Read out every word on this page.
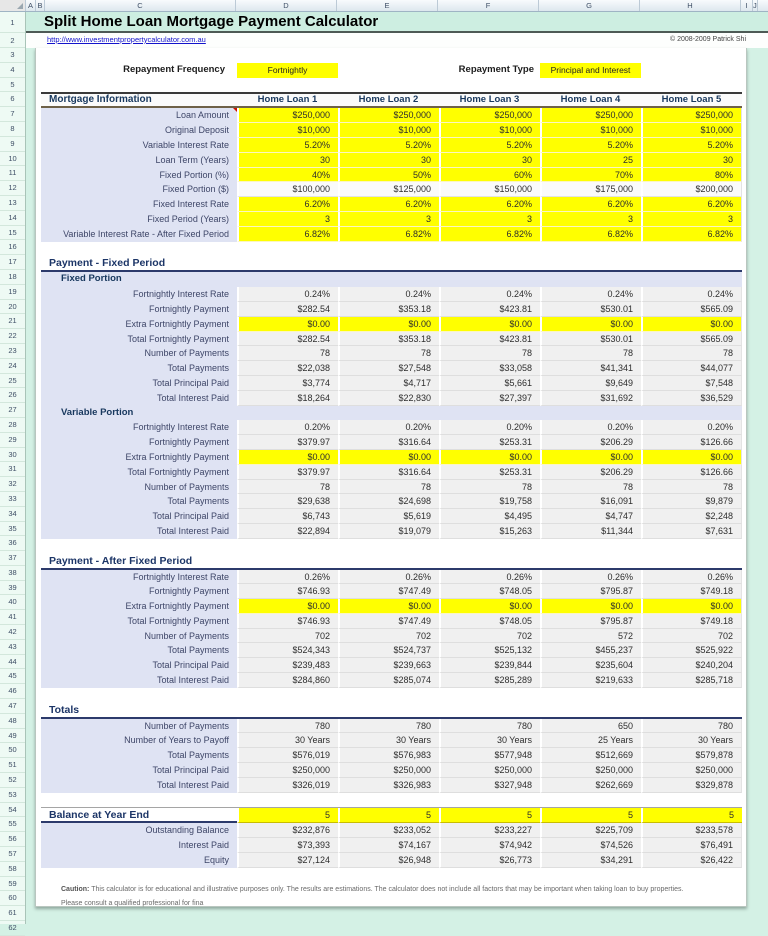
A B	C	D	E	F	G	H	I J
1
2
3
4
5
6
7
8
9
10
11
12
13
14
15
16
17
18
19
20
21
22
23
24
25
26
27
28
29
30
31
32
33
34
35
36
37
38
39
40
41
42
43
44
45
46
47
48
49
50
51
52
53
54
55
56
57
58
59
60
61
62
Split Home Loan Mortgage Payment Calculator
http://www.investmentpropertycalculator.com.au	© 2008-2009 Patrick Shi
Repayment Frequency	Fortnightly	Repayment Type	Principal and Interest
Mortgage Information	Home Loan 1	Home Loan 2	Home Loan 3	Home Loan 4	Home Loan 5
Loan Amount	$250,000	$250,000	$250,000	$250,000	$250,000
Original Deposit	$10,000	$10,000	$10,000	$10,000	$10,000
Variable Interest Rate	5.20%	5.20%	5.20%	5.20%	5.20%
Loan Term (Years)	30	30	30	25	30
Fixed Portion (%)	40%	50%	60%	70%	80%
Fixed Portion ($)	$100,000	$125,000	$150,000	$175,000	$200,000
Fixed Interest Rate	6.20%	6.20%	6.20%	6.20%	6.20%
Fixed Period (Years)	3	3	3	3	3
Variable Interest Rate - After Fixed Period	6.82%	6.82%	6.82%	6.82%	6.82%
Payment - Fixed Period
Fixed Portion
Fortnightly Interest Rate	0.24%	0.24%	0.24%	0.24%	0.24%
Fortnightly Payment	$282.54	$353.18	$423.81	$530.01	$565.09
Extra Fortnightly Payment	$0.00	$0.00	$0.00	$0.00	$0.00
Total Fortnightly Payment	$282.54	$353.18	$423.81	$530.01	$565.09
Number of Payments	78	78	78	78	78
Total Payments	$22,038	$27,548	$33,058	$41,341	$44,077
Total Principal Paid	$3,774	$4,717	$5,661	$9,649	$7,548
Total Interest Paid	$18,264	$22,830	$27,397	$31,692	$36,529
Variable Portion
Fortnightly Interest Rate	0.20%	0.20%	0.20%	0.20%	0.20%
Fortnightly Payment	$379.97	$316.64	$253.31	$206.29	$126.66
Extra Fortnightly Payment	$0.00	$0.00	$0.00	$0.00	$0.00
Total Fortnightly Payment	$379.97	$316.64	$253.31	$206.29	$126.66
Number of Payments	78	78	78	78	78
Total Payments	$29,638	$24,698	$19,758	$16,091	$9,879
Total Principal Paid	$6,743	$5,619	$4,495	$4,747	$2,248
Total Interest Paid	$22,894	$19,079	$15,263	$11,344	$7,631
Payment - After Fixed Period
Fortnightly Interest Rate	0.26%	0.26%	0.26%	0.26%	0.26%
Fortnightly Payment	$746.93	$747.49	$748.05	$795.87	$749.18
Extra Fortnightly Payment	$0.00	$0.00	$0.00	$0.00	$0.00
Total Fortnightly Payment	$746.93	$747.49	$748.05	$795.87	$749.18
Number of Payments	702	702	702	572	702
Total Payments	$524,343	$524,737	$525,132	$455,237	$525,922
Total Principal Paid	$239,483	$239,663	$239,844	$235,604	$240,204
Total Interest Paid	$284,860	$285,074	$285,289	$219,633	$285,718
Totals
Number of Payments	780	780	780	650	780
Number of Years to Payoff	30 Years	30 Years	30 Years	25 Years	30 Years
Total Payments	$576,019	$576,983	$577,948	$512,669	$579,878
Total Principal Paid	$250,000	$250,000	$250,000	$250,000	$250,000
Total Interest Paid	$326,019	$326,983	$327,948	$262,669	$329,878
Balance at Year End	5	5	5	5	5
Outstanding Balance	$232,876	$233,052	$233,227	$225,709	$233,578
Interest Paid	$73,393	$74,167	$74,942	$74,526	$76,491
Equity	$27,124	$26,948	$26,773	$34,291	$26,422
Caution: This calculator is for educational and illustrative purposes only. The results are estimations. The calculator does not include all factors that may be important when taking loan to buy properties.
Please consult a qualified professional for fina
